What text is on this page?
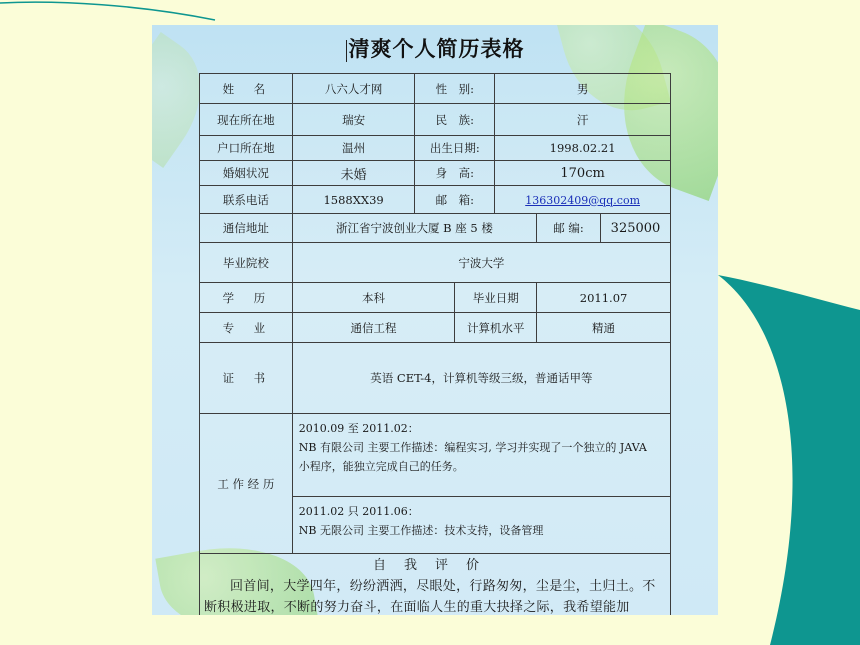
清爽个人简历表格
姓　名	八六人才网	性　别:		男		
现在所在地	瑞安	民　族:		汗		
户口所在地	温州	出生日期:		1998.02.21		
婚姻状况	未婚	身　高:		170cm		
联系电话	1588XX39	邮　箱:		136302409@qq.com		
通信地址	浙江省宁波创业大厦 B 座 5 楼				邮 编:	325000
毕业院校	宁波大学					
学　历	本科		毕业日期		2011.07	
专　业	通信工程		计算机水平		精通	
证　书	英语 CET-4，计算机等级三级，普通话甲等					
工 作 经 历	2010.09 至 2011.02：
NB 有限公司 主要工作描述：编程实习, 学习并实现了一个独立的 JAVA
小程序，能独立完成自己的任务。					

	2011.02 只 2011.06：
NB 无限公司 主要工作描述：技术支持，设备管理					

自我评价
回首间，大学四年，纷纷洒洒，尽眼处，行路匆匆，尘是尘，土归土。不断积极进取，不断的努力奋斗，在面临人生的重大抉择之际，我希望能加						
